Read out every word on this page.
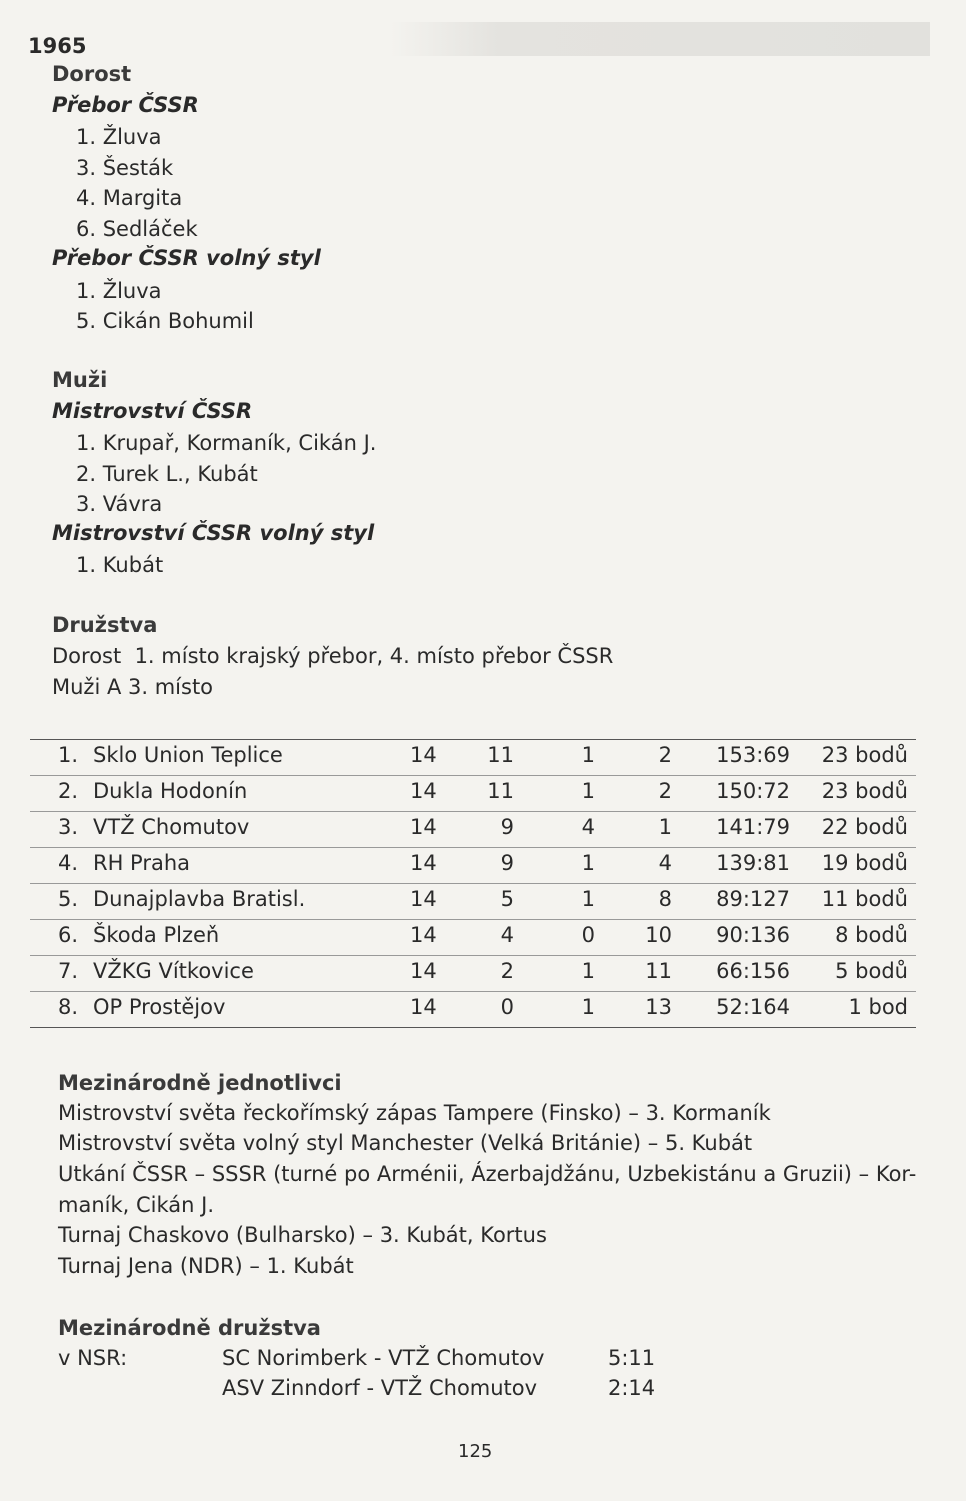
1965
Dorost
Přebor ČSSR
1. Žluva
3. Šesták
4. Margita
6. Sedláček
Přebor ČSSR volný styl
1. Žluva
5. Cikán Bohumil
Muži
Mistrovství ČSSR
1. Krupař, Kormaník, Cikán J.
2. Turek L., Kubát
3. Vávra
Mistrovství ČSSR volný styl
1. Kubát
Družstva
Dorost  1. místo krajský přebor, 4. místo přebor ČSSR
Muži A 3. místo
1. Sklo Union Teplice	14	11	1	2	153:69	23 bodů
2. Dukla Hodonín	14	11	1	2	150:72	23 bodů
3. VTŽ Chomutov	14	9	4	1	141:79	22 bodů
4. RH Praha	14	9	1	4	139:81	19 bodů
5. Dunajplavba Bratisl.	14	5	1	8	89:127	11 bodů
6. Škoda Plzeň	14	4	0 10	90:136	8 bodů
7. VŽKG Vítkovice	14	2	1 11	66:156	5 bodů
8. OP Prostějov	14	0	1 13	52:164	1 bod
Mezinárodně jednotlivci
Mistrovství světa řeckořímský zápas Tampere (Finsko) – 3. Kormaník
Mistrovství světa volný styl Manchester (Velká Británie) – 5. Kubát
Utkání ČSSR – SSSR (turné po Arménii, Ázerbajdžánu, Uzbekistánu a Gruzii) – Kor-
maník, Cikán J.
Turnaj Chaskovo (Bulharsko) – 3. Kubát, Kortus
Turnaj Jena (NDR) – 1. Kubát
Mezinárodně družstva
v NSR:	SC Norimberk - VTŽ Chomutov	5:11
ASV Zinndorf - VTŽ Chomutov	2:14
125
